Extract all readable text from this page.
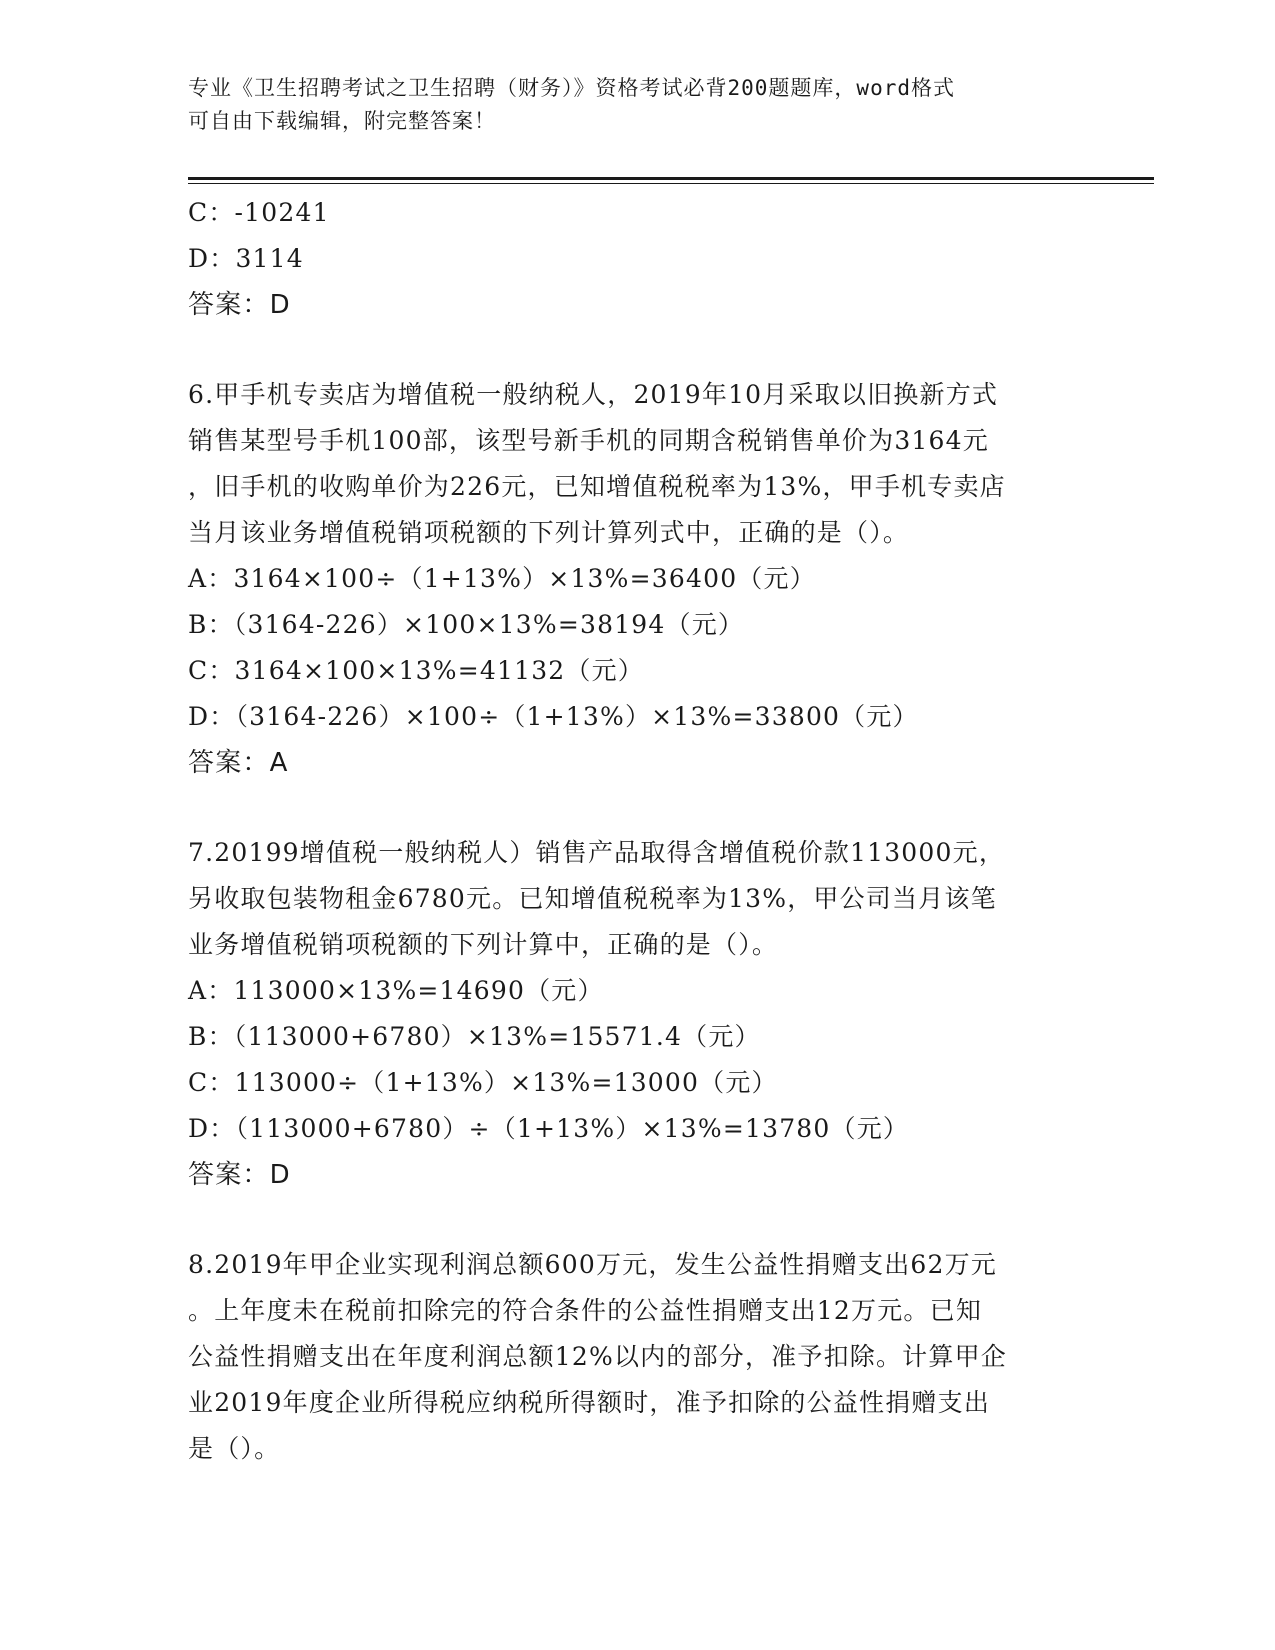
专业《卫生招聘考试之卫生招聘（财务）》资格考试必背200题题库，word格式
可自由下载编辑，附完整答案！
C：-10241
D：3114
答案：D
6.甲手机专卖店为增值税一般纳税人，2019年10月采取以旧换新方式
销售某型号手机100部，该型号新手机的同期含税销售单价为3164元
，旧手机的收购单价为226元，已知增值税税率为13%，甲手机专卖店
当月该业务增值税销项税额的下列计算列式中，正确的是（）。
A：3164×100÷（1+13%）×13%=36400（元）
B：（3164-226）×100×13%=38194（元）
C：3164×100×13%=41132（元）
D：（3164-226）×100÷（1+13%）×13%=33800（元）
答案：A
7.20199增值税一般纳税人）销售产品取得含增值税价款113000元，
另收取包装物租金6780元。已知增值税税率为13%，甲公司当月该笔
业务增值税销项税额的下列计算中，正确的是（）。
A：113000×13%=14690（元）
B：（113000+6780）×13%=15571.4（元）
C：113000÷（1+13%）×13%=13000（元）
D：（113000+6780）÷（1+13%）×13%=13780（元）
答案：D
8.2019年甲企业实现利润总额600万元，发生公益性捐赠支出62万元
。上年度未在税前扣除完的符合条件的公益性捐赠支出12万元。已知
公益性捐赠支出在年度利润总额12%以内的部分，准予扣除。计算甲企
业2019年度企业所得税应纳税所得额时，准予扣除的公益性捐赠支出
是（）。
